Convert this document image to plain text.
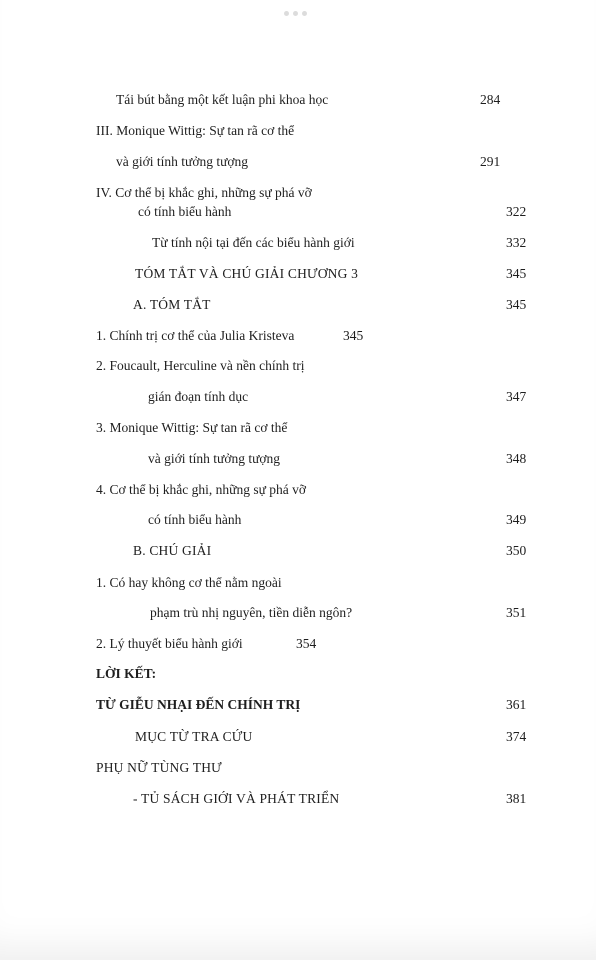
Tái bút bằng một kết luận phi khoa học	284
III. Monique Wittig: Sự tan rã cơ thể
và giới tính tưởng tượng	291
IV. Cơ thể bị khắc ghi, những sự phá vỡ
có tính biểu hành	322
Từ tính nội tại đến các biểu hành giới	332
TÓM TẮT VÀ CHÚ GIẢI CHƯƠNG 3	345
A. TÓM TẮT	345
1. Chính trị cơ thể của Julia Kristeva	345
2. Foucault, Herculine và nền chính trị
gián đoạn tính dục	347
3. Monique Wittig: Sự tan rã cơ thể
và giới tính tưởng tượng	348
4. Cơ thể bị khắc ghi, những sự phá vỡ
có tính biểu hành	349
B. CHÚ GIẢI	350
1. Có hay không cơ thể nằm ngoài
phạm trù nhị nguyên, tiền diễn ngôn?	351
2. Lý thuyết biểu hành giới	354
LỜI KẾT:
TỪ GIỄU NHẠI ĐẾN CHÍNH TRỊ	361
MỤC TỪ TRA CỨU	374
PHỤ NỮ TÙNG THƯ
- TỦ SÁCH GIỚI VÀ PHÁT TRIỂN	381
